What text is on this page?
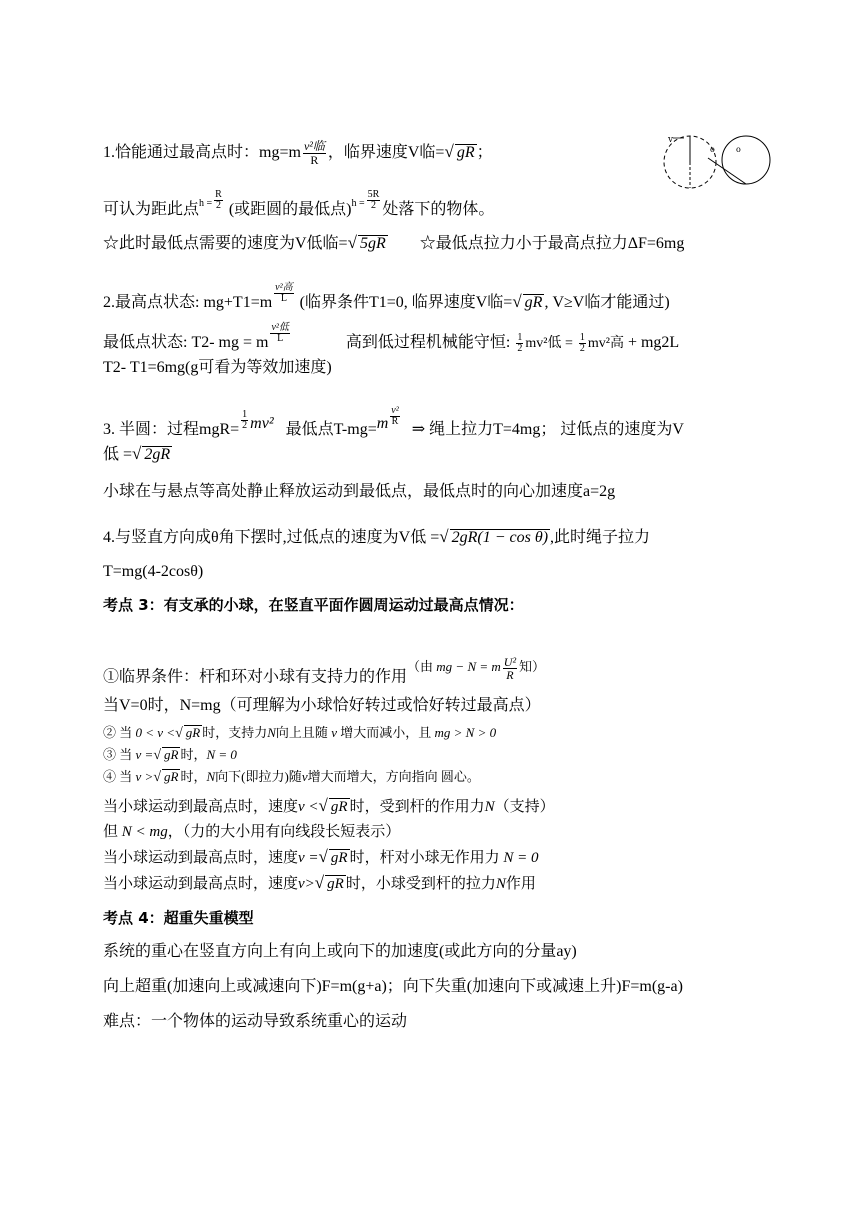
1.恰能通过最高点时：$mg=m \frac{\text{v²临}}{R}$ ，临界速度V临=√ gR ；
v
o	o
可认为距此点$^{h =} \frac{R}{2}$ (或距圆的最低点)$^{h =} \frac{5R}{2}$ 处落下的物体。
☆此时最低点需要的速度为V低临=√ 5gR ☆最低点拉力小于最高点拉力ΔF=6mg
2.最高点状态: $mg+T1=m \frac{\text{v²高}}{L}$ (临界条件T1=0, 临界速度V临=√ gR , V≥V临才能通过)
最低点状态: T2- mg = m $\frac{\text{v²低}}{L}$	高到低过程机械能守恒: $\frac{1}{2} mv^2$低 = $\frac{1}{2} mv^2$高 + mg2L
T2- T1=6mg(g可看为等效加速度)
3. 半圆：过程$mgR= \frac{1}{2} mv^2$ 最低点$T-mg=m \frac{\text{v²}}{R}$
⇒ 绳上拉力T=4mg； 过低点的速度为V
低 =√ 2gR
小球在与悬点等高处静止释放运动到最低点，最低点时的向心加速度a=2g
4.与竖直方向成θ角下摆时,过低点的速度为V低 =√ 2gR(1 − cos θ) ,此时绳子拉力
T=mg(4-2cosθ)
考点 3：有支承的小球，在竖直平面作圆周运动过最高点情况：
①临界条件：杆和环对小球有支持力的作用$^{(由 mg - N = m \frac{\text{U²}}{R} 知)}$
当V=0时，N=mg（可理解为小球恰好转过或恰好转过最高点）
② 当 0 < v <√ gR 时，支持力N向上且随 v 增大而减小，且 mg > N > 0
③ 当 v =√ gR 时，N = 0
④ 当 v >√ gR 时，N向下(即拉力)随v增大而增大，方向指向 圆心。
当小球运动到最高点时，速度v <√ gR 时，受到杆的作用力N（支持）
但 N < mg，（力的大小用有向线段长短表示）
当小球运动到最高点时，速度v =√ gR 时，杆对小球无作用力 N = 0
当小球运动到最高点时，速度v>√ gR 时，小球受到杆的拉力N作用
考点 4：超重失重模型
系统的重心在竖直方向上有向上或向下的加速度(或此方向的分量ay)
向上超重(加速向上或减速向下)F=m(g+a)；向下失重(加速向下或减速上升)F=m(g-a)
难点：一个物体的运动导致系统重心的运动
